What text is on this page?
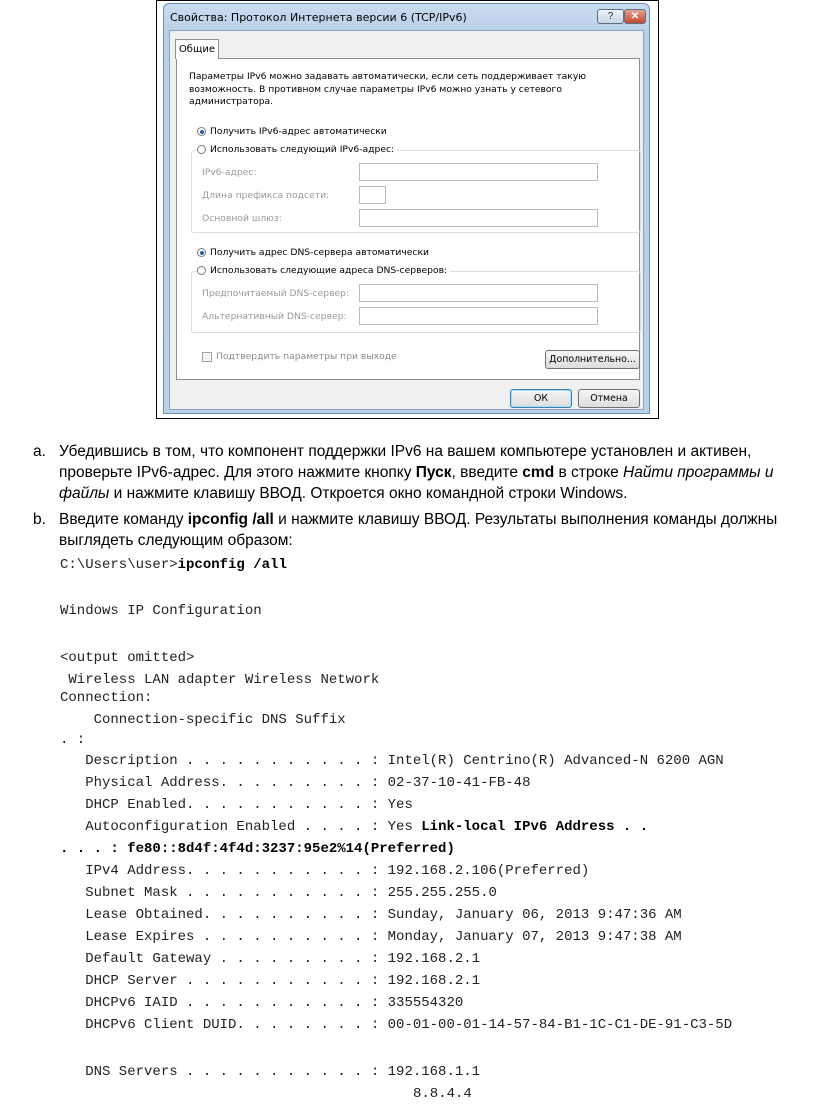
Свойства: Протокол Интернета версии 6 (TCP/IPv6)	?	✕
Общие
Параметры IPv6 можно задавать автоматически, если сеть поддерживает такую возможность. В противном случае параметры IPv6 можно узнать у сетевого администратора.
Получить IPv6-адрес автоматически
Использовать следующий IPv6-адрес:
IPv6-адрес:
Длина префикса подсети:
Основной шлюз:
Получить адрес DNS-сервера автоматически
Использовать следующие адреса DNS-серверов:
Предпочитаемый DNS-сервер:
Альтернативный DNS-сервер:
Подтвердить параметры при выходе	Дополнительно...
ОК	Отмена
a. Убедившись в том, что компонент поддержки IPv6 на вашем компьютере установлен и активен, проверьте IPv6-адрес. Для этого нажмите кнопку Пуск, введите cmd в строке Найти программы и файлы и нажмите клавишу ВВОД. Откроется окно командной строки Windows.
b. Введите команду ipconfig /all и нажмите клавишу ВВОД. Результаты выполнения команды должны выглядеть следующим образом:
C:\Users\user>ipconfig /all
Windows IP Configuration
<output omitted>
Wireless LAN adapter Wireless Network
Connection:
Connection-specific DNS Suffix
. :
Description . . . . . . . . . . . : Intel(R) Centrino(R) Advanced-N 6200 AGN
Physical Address. . . . . . . . . : 02-37-10-41-FB-48
DHCP Enabled. . . . . . . . . . . : Yes
Autoconfiguration Enabled . . . . : Yes Link-local IPv6 Address . .
. . . : fe80::8d4f:4f4d:3237:95e2%14(Preferred)
IPv4 Address. . . . . . . . . . . : 192.168.2.106(Preferred)
Subnet Mask . . . . . . . . . . . : 255.255.255.0
Lease Obtained. . . . . . . . . . : Sunday, January 06, 2013 9:47:36 AM
Lease Expires . . . . . . . . . . : Monday, January 07, 2013 9:47:38 AM
Default Gateway . . . . . . . . . : 192.168.2.1
DHCP Server . . . . . . . . . . . : 192.168.2.1
DHCPv6 IAID . . . . . . . . . . . : 335554320
DHCPv6 Client DUID. . . . . . . . : 00-01-00-01-14-57-84-B1-1C-C1-DE-91-C3-5D
DNS Servers . . . . . . . . . . . : 192.168.1.1
8.8.4.4
